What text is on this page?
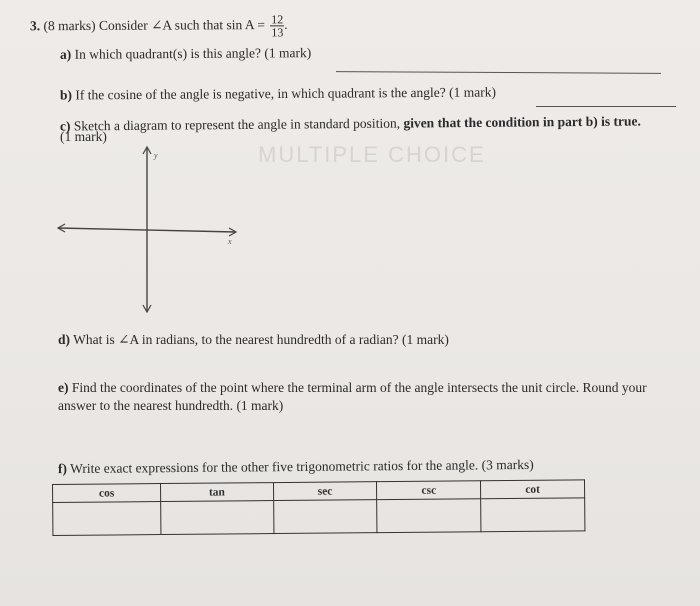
MULTIPLE CHOICE
3. (8 marks) Consider ∠A such that $\sin A = \frac{12}{13}$ .
a) In which quadrant(s) is this angle? (1 mark)
b) If the cosine of the angle is negative, in which quadrant is the angle? (1 mark)
c) Sketch a diagram to represent the angle in standard position, given that the condition in part b) is true.
(1 mark)
y
x
d) What is ∠A in radians, to the nearest hundredth of a radian? (1 mark)
e) Find the coordinates of the point where the terminal arm of the angle intersects the unit circle. Round your
answer to the nearest hundredth. (1 mark)
f) Write exact expressions for the other five trigonometric ratios for the angle. (3 marks)
cos	tan	sec	csc	cot
